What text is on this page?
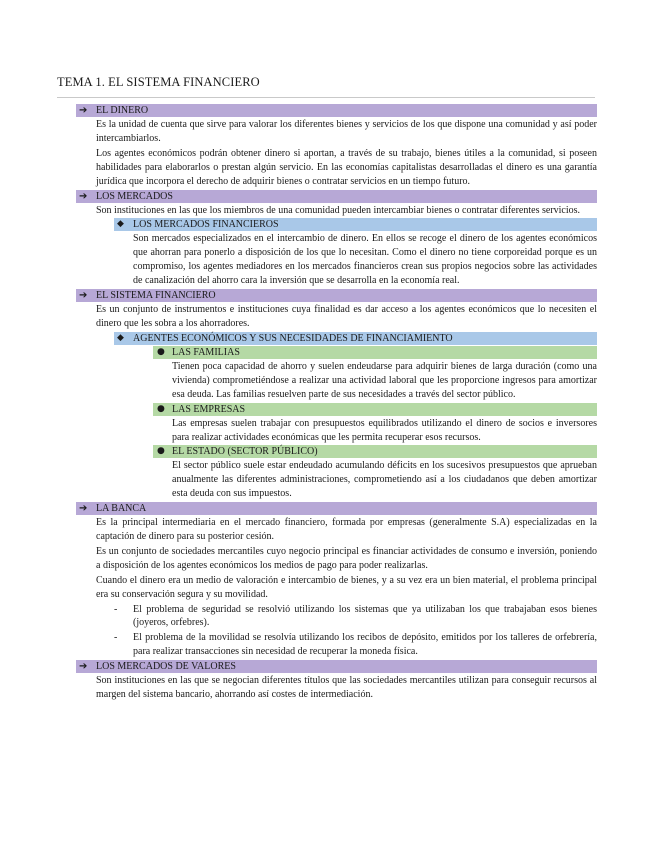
TEMA 1. EL SISTEMA FINANCIERO
➔ EL DINERO

Es la unidad de cuenta que sirve para valorar los diferentes bienes y servicios de los que dispone una comunidad y así poder intercambiarlos.

Los agentes económicos podrán obtener dinero si aportan, a través de su trabajo, bienes útiles a la comunidad, si poseen habilidades para elaborarlos o prestan algún servicio. En las economías capitalistas desarrolladas el dinero es una garantía jurídica que incorpora el derecho de adquirir bienes o contratar servicios en un tiempo futuro.

➔ LOS MERCADOS

Son instituciones en las que los miembros de una comunidad pueden intercambiar bienes o contratar diferentes servicios.

◆ LOS MERCADOS FINANCIEROS

Son mercados especializados en el intercambio de dinero. En ellos se recoge el dinero de los agentes económicos que ahorran para ponerlo a disposición de los que lo necesitan. Como el dinero no tiene corporeidad porque es un compromiso, los agentes mediadores en los mercados financieros crean sus propios negocios sobre las actividades de canalización del ahorro cara la inversión que se desarrolla en la economía real.

➔ EL SISTEMA FINANCIERO

Es un conjunto de instrumentos e instituciones cuya finalidad es dar acceso a los agentes económicos que lo necesiten el dinero que les sobra a los ahorradores.

◆ AGENTES ECONÓMICOS Y SUS NECESIDADES DE FINANCIAMIENTO
● LAS FAMILIAS

Tienen poca capacidad de ahorro y suelen endeudarse para adquirir bienes de larga duración (como una vivienda) comprometiéndose a realizar una actividad laboral que les proporcione ingresos para amortizar esa deuda. Las familias resuelven parte de sus necesidades a través del sector público.

● LAS EMPRESAS

Las empresas suelen trabajar con presupuestos equilibrados utilizando el dinero de socios e inversores para realizar actividades económicas que les permita recuperar esos recursos.

● EL ESTADO (SECTOR PÚBLICO)

El sector público suele estar endeudado acumulando déficits en los sucesivos presupuestos que aprueban anualmente las diferentes administraciones, comprometiendo así a los ciudadanos que deben amortizar esta deuda con sus impuestos.

➔ LA BANCA

Es la principal intermediaria en el mercado financiero, formada por empresas (generalmente S.A) especializadas en la captación de dinero para su posterior cesión.

Es un conjunto de sociedades mercantiles cuyo negocio principal es financiar actividades de consumo e inversión, poniendo a disposición de los agentes económicos los medios de pago para poder realizarlas.

Cuando el dinero era un medio de valoración e intercambio de bienes, y a su vez era un bien material, el problema principal era su conservación segura y su movilidad.

- El problema de seguridad se resolvió utilizando los sistemas que ya utilizaban los que trabajaban esos bienes (joyeros, orfebres).
- El problema de la movilidad se resolvía utilizando los recibos de depósito, emitidos por los talleres de orfebrería, para realizar transacciones sin necesidad de recuperar la moneda física.
➔ LOS MERCADOS DE VALORES

Son instituciones en las que se negocian diferentes títulos que las sociedades mercantiles utilizan para conseguir recursos al margen del sistema bancario, ahorrando así costes de intermediación.
